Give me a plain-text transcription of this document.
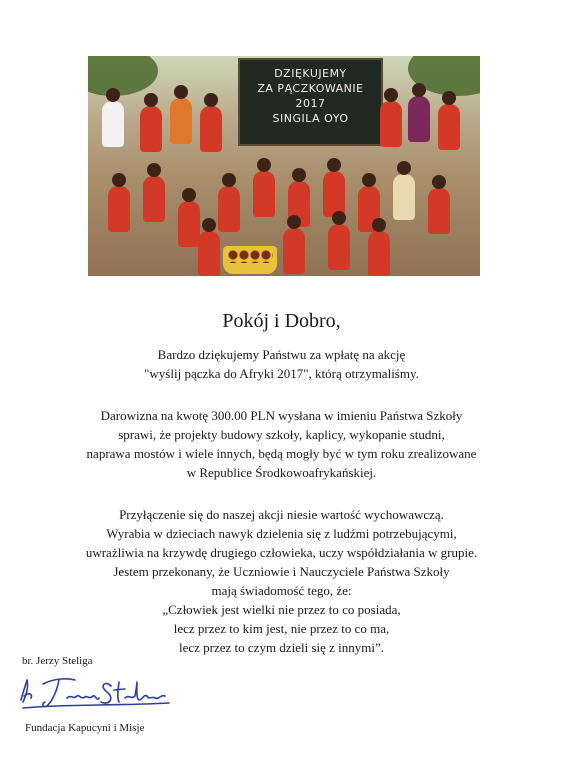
DZIĘKUJEMY
ZA PĄCZKOWANIE
2017
SINGILA OYO
Pokój i Dobro,
Bardzo dziękujemy Państwu za wpłatę na akcję
"wyślij pączka do Afryki 2017", którą otrzymaliśmy.
Darowizna na kwotę 300.00 PLN wysłana w imieniu Państwa Szkoły
sprawi, że projekty budowy szkoły, kaplicy, wykopanie studni,
naprawa mostów i wiele innych, będą mogły być w tym roku zrealizowane
w Republice Środkowoafrykańskiej.
Przyłączenie się do naszej akcji niesie wartość wychowawczą.
Wyrabia w dzieciach nawyk dzielenia się z ludźmi potrzebującymi,
uwrażliwia na krzywdę drugiego człowieka, uczy współdziałania w grupie.
Jestem przekonany, że Uczniowie i Nauczyciele Państwa Szkoły
mają świadomość tego, że:
„Człowiek jest wielki nie przez to co posiada,
lecz przez to kim jest, nie przez to co ma,
lecz przez to czym dzieli się z innymi”.
br. Jerzy Steliga
Fundacja Kapucyni i Misje
